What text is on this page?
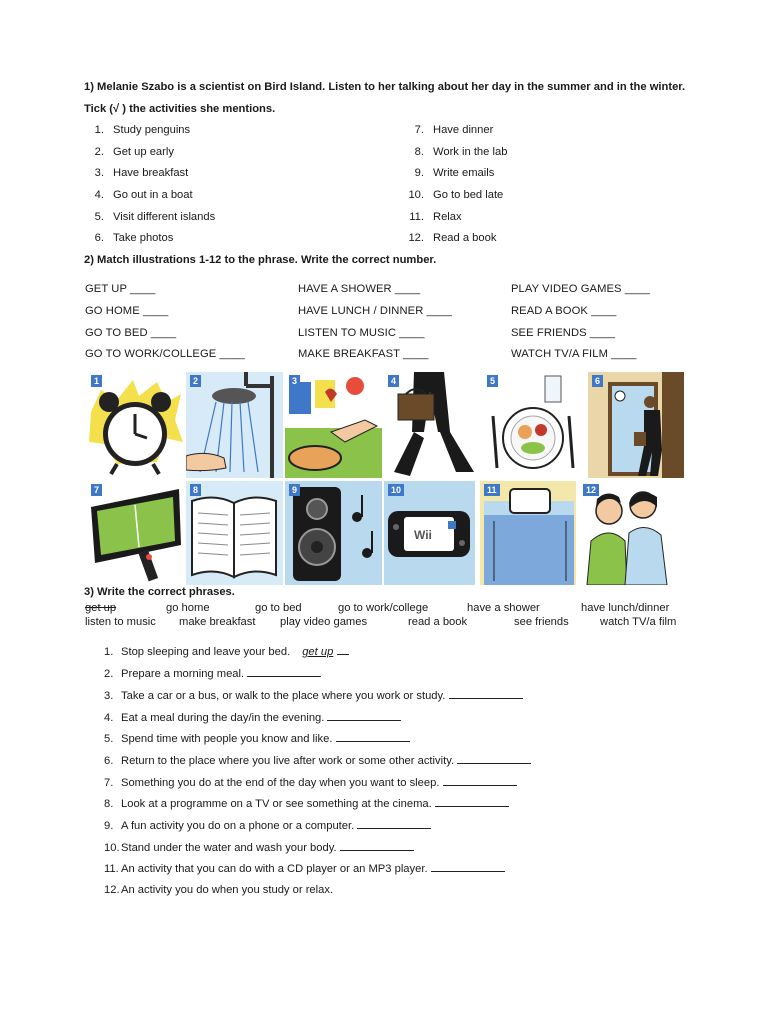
1) Melanie Szabo is a scientist on Bird Island. Listen to her talking about her day in the summer and in the winter.
Tick (√ ) the activities she mentions.
1. Study penguins
2. Get up early
3. Have breakfast
4. Go out in a boat
5. Visit different islands
6. Take photos
7. Have dinner
8. Work in the lab
9. Write emails
10. Go to bed late
11. Relax
12. Read a book
2) Match illustrations 1-12 to the phrase. Write the correct number.
GET UP ____
GO HOME ____
GO TO BED ____
GO TO WORK/COLLEGE ____
HAVE A SHOWER ____
HAVE LUNCH / DINNER ____
LISTEN TO MUSIC ____
MAKE BREAKFAST ____
PLAY VIDEO GAMES ____
READ A BOOK ____
SEE FRIENDS ____
WATCH TV/A FILM ____
1	2	3	4	5	6
7	8	9
Wii
10	11	12
3) Write the correct phrases.
get up	go home	go to bed	go to work/college	have a shower	have lunch/dinner
listen to music make breakfast play video games	read a book	see friends	watch TV/a film
1. Stop sleeping and leave your bed. get up
2. Prepare a morning meal.
3. Take a car or a bus, or walk to the place where you work or study.
4. Eat a meal during the day/in the evening.
5. Spend time with people you know and like.
6. Return to the place where you live after work or some other activity.
7. Something you do at the end of the day when you want to sleep.
8. Look at a programme on a TV or see something at the cinema.
9. A fun activity you do on a phone or a computer.
10.Stand under the water and wash your body.
11. An activity that you can do with a CD player or an MP3 player.
12.An activity you do when you study or relax.
